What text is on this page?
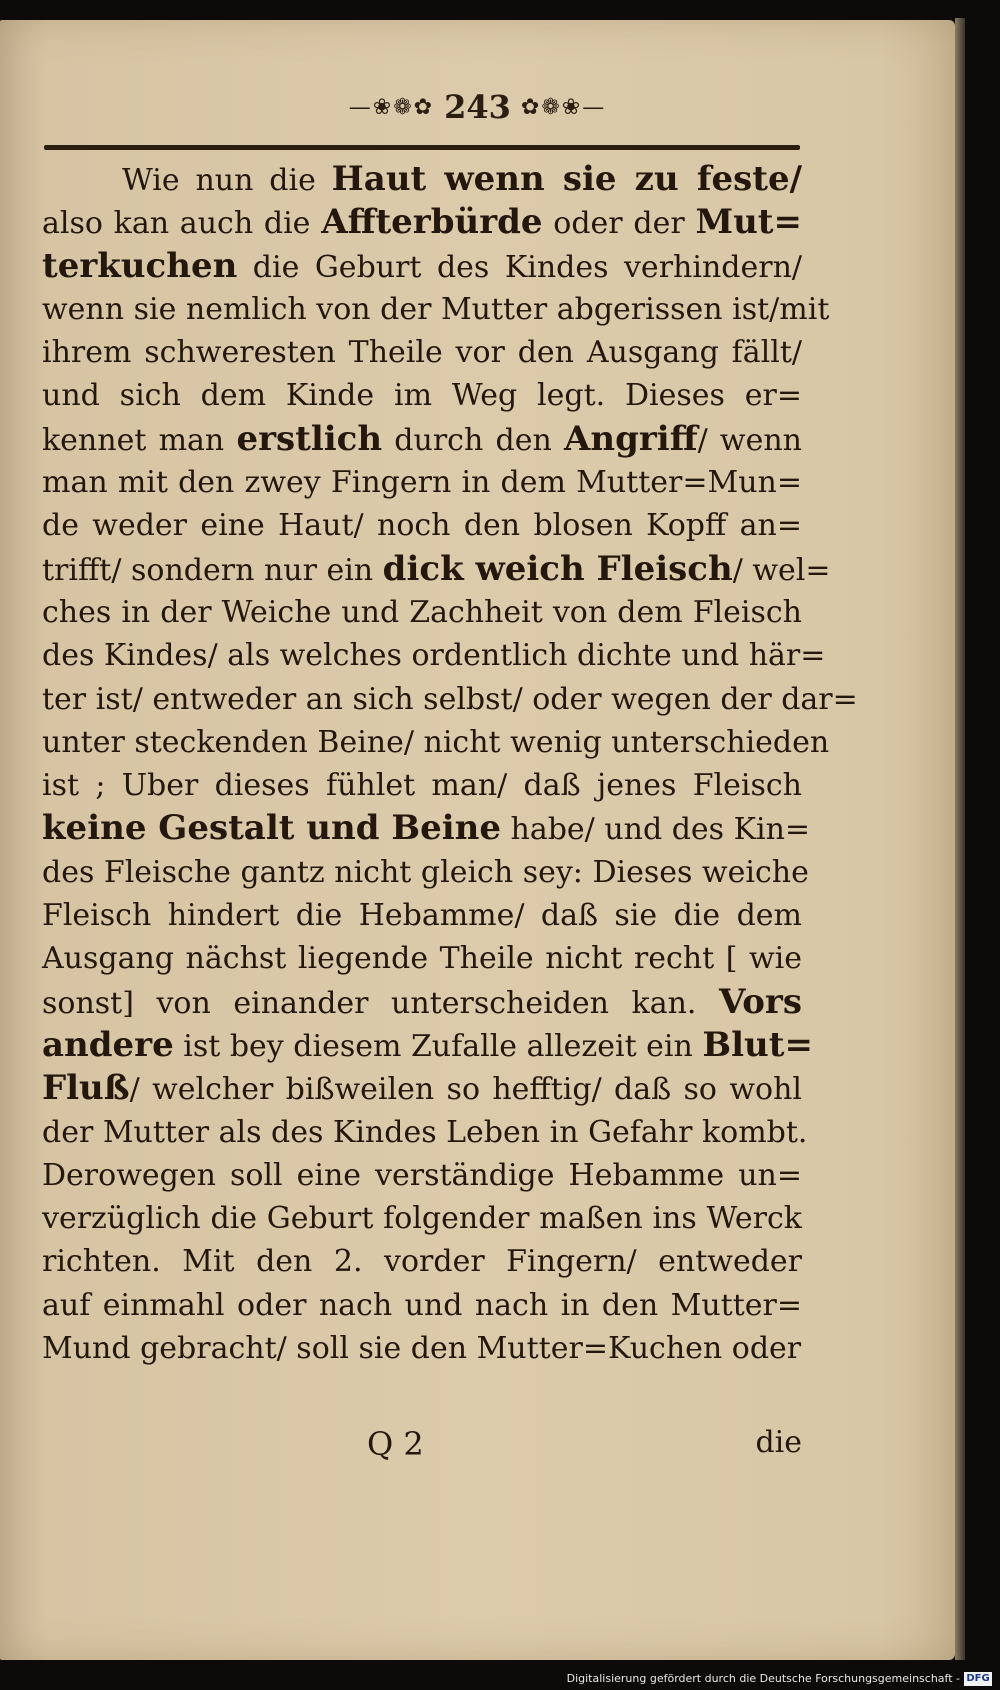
—❀❁✿ 243 ✿❁❀—
Wie nun die Haut wenn sie zu feste/
also kan auch die Affterbürde oder der Mut=
terkuchen die Geburt des Kindes verhindern/
wenn sie nemlich von der Mutter abgerissen ist/mit
ihrem schweresten Theile vor den Ausgang fällt/
und sich dem Kinde im Weg legt. Dieses er=
kennet man erstlich durch den Angriff/ wenn
man mit den zwey Fingern in dem Mutter=Mun=
de weder eine Haut/ noch den blosen Kopff an=
trifft/ sondern nur ein dick weich Fleisch/ wel=
ches in der Weiche und Zachheit von dem Fleisch
des Kindes/ als welches ordentlich dichte und här=
ter ist/ entweder an sich selbst/ oder wegen der dar=
unter steckenden Beine/ nicht wenig unterschieden
ist ; Uber dieses fühlet man/ daß jenes Fleisch
keine Gestalt und Beine habe/ und des Kin=
des Fleische gantz nicht gleich sey: Dieses weiche
Fleisch hindert die Hebamme/ daß sie die dem
Ausgang nächst liegende Theile nicht recht [ wie
sonst] von einander unterscheiden kan. Vors
andere ist bey diesem Zufalle allezeit ein Blut=
Fluß/ welcher bißweilen so hefftig/ daß so wohl
der Mutter als des Kindes Leben in Gefahr kombt.
Derowegen soll eine verständige Hebamme un=
verzüglich die Geburt folgender maßen ins Werck
richten. Mit den 2. vorder Fingern/ entweder
auf einmahl oder nach und nach in den Mutter=
Mund gebracht/ soll sie den Mutter=Kuchen oder
Q 2	die
Digitalisierung gefördert durch die Deutsche Forschungsgemeinschaft - DFG
